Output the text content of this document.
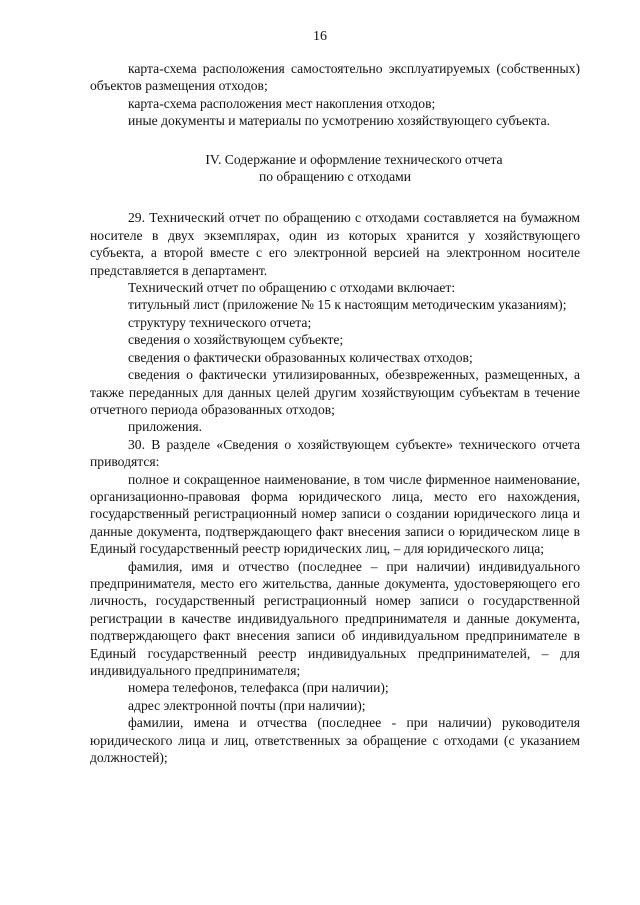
16

карта-схема расположения самостоятельно эксплуатируемых (собственных) объектов размещения отходов;

карта-схема расположения мест накопления отходов;

иные документы и материалы по усмотрению хозяйствующего субъекта.

IV. Содержание и оформление технического отчета
по обращению с отходами

29. Технический отчет по обращению с отходами составляется на бумажном носителе в двух экземплярах, один из которых хранится у хозяйствующего субъекта, а второй вместе с его электронной версией на электронном носителе представляется в департамент.

Технический отчет по обращению с отходами включает:

титульный лист (приложение № 15 к настоящим методическим указаниям);

структуру технического отчета;

сведения о хозяйствующем субъекте;

сведения о фактически образованных количествах отходов;

сведения о фактически утилизированных, обезвреженных, размещенных, а также переданных для данных целей другим хозяйствующим субъектам в течение отчетного периода образованных отходов;

приложения.

30. В разделе «Сведения о хозяйствующем субъекте» технического отчета приводятся:

полное и сокращенное наименование, в том числе фирменное наименование, организационно-правовая форма юридического лица, место его нахождения, государственный регистрационный номер записи о создании юридического лица и данные документа, подтверждающего факт внесения записи о юридическом лице в Единый государственный реестр юридических лиц, – для юридического лица;

фамилия, имя и отчество (последнее – при наличии) индивидуального предпринимателя, место его жительства, данные документа, удостоверяющего его личность, государственный регистрационный номер записи о государственной регистрации в качестве индивидуального предпринимателя и данные документа, подтверждающего факт внесения записи об индивидуальном предпринимателе в Единый государственный реестр индивидуальных предпринимателей, – для индивидуального предпринимателя;

номера телефонов, телефакса (при наличии);

адрес электронной почты (при наличии);

фамилии, имена и отчества (последнее - при наличии) руководителя юридического лица и лиц, ответственных за обращение с отходами (с указанием должностей);
